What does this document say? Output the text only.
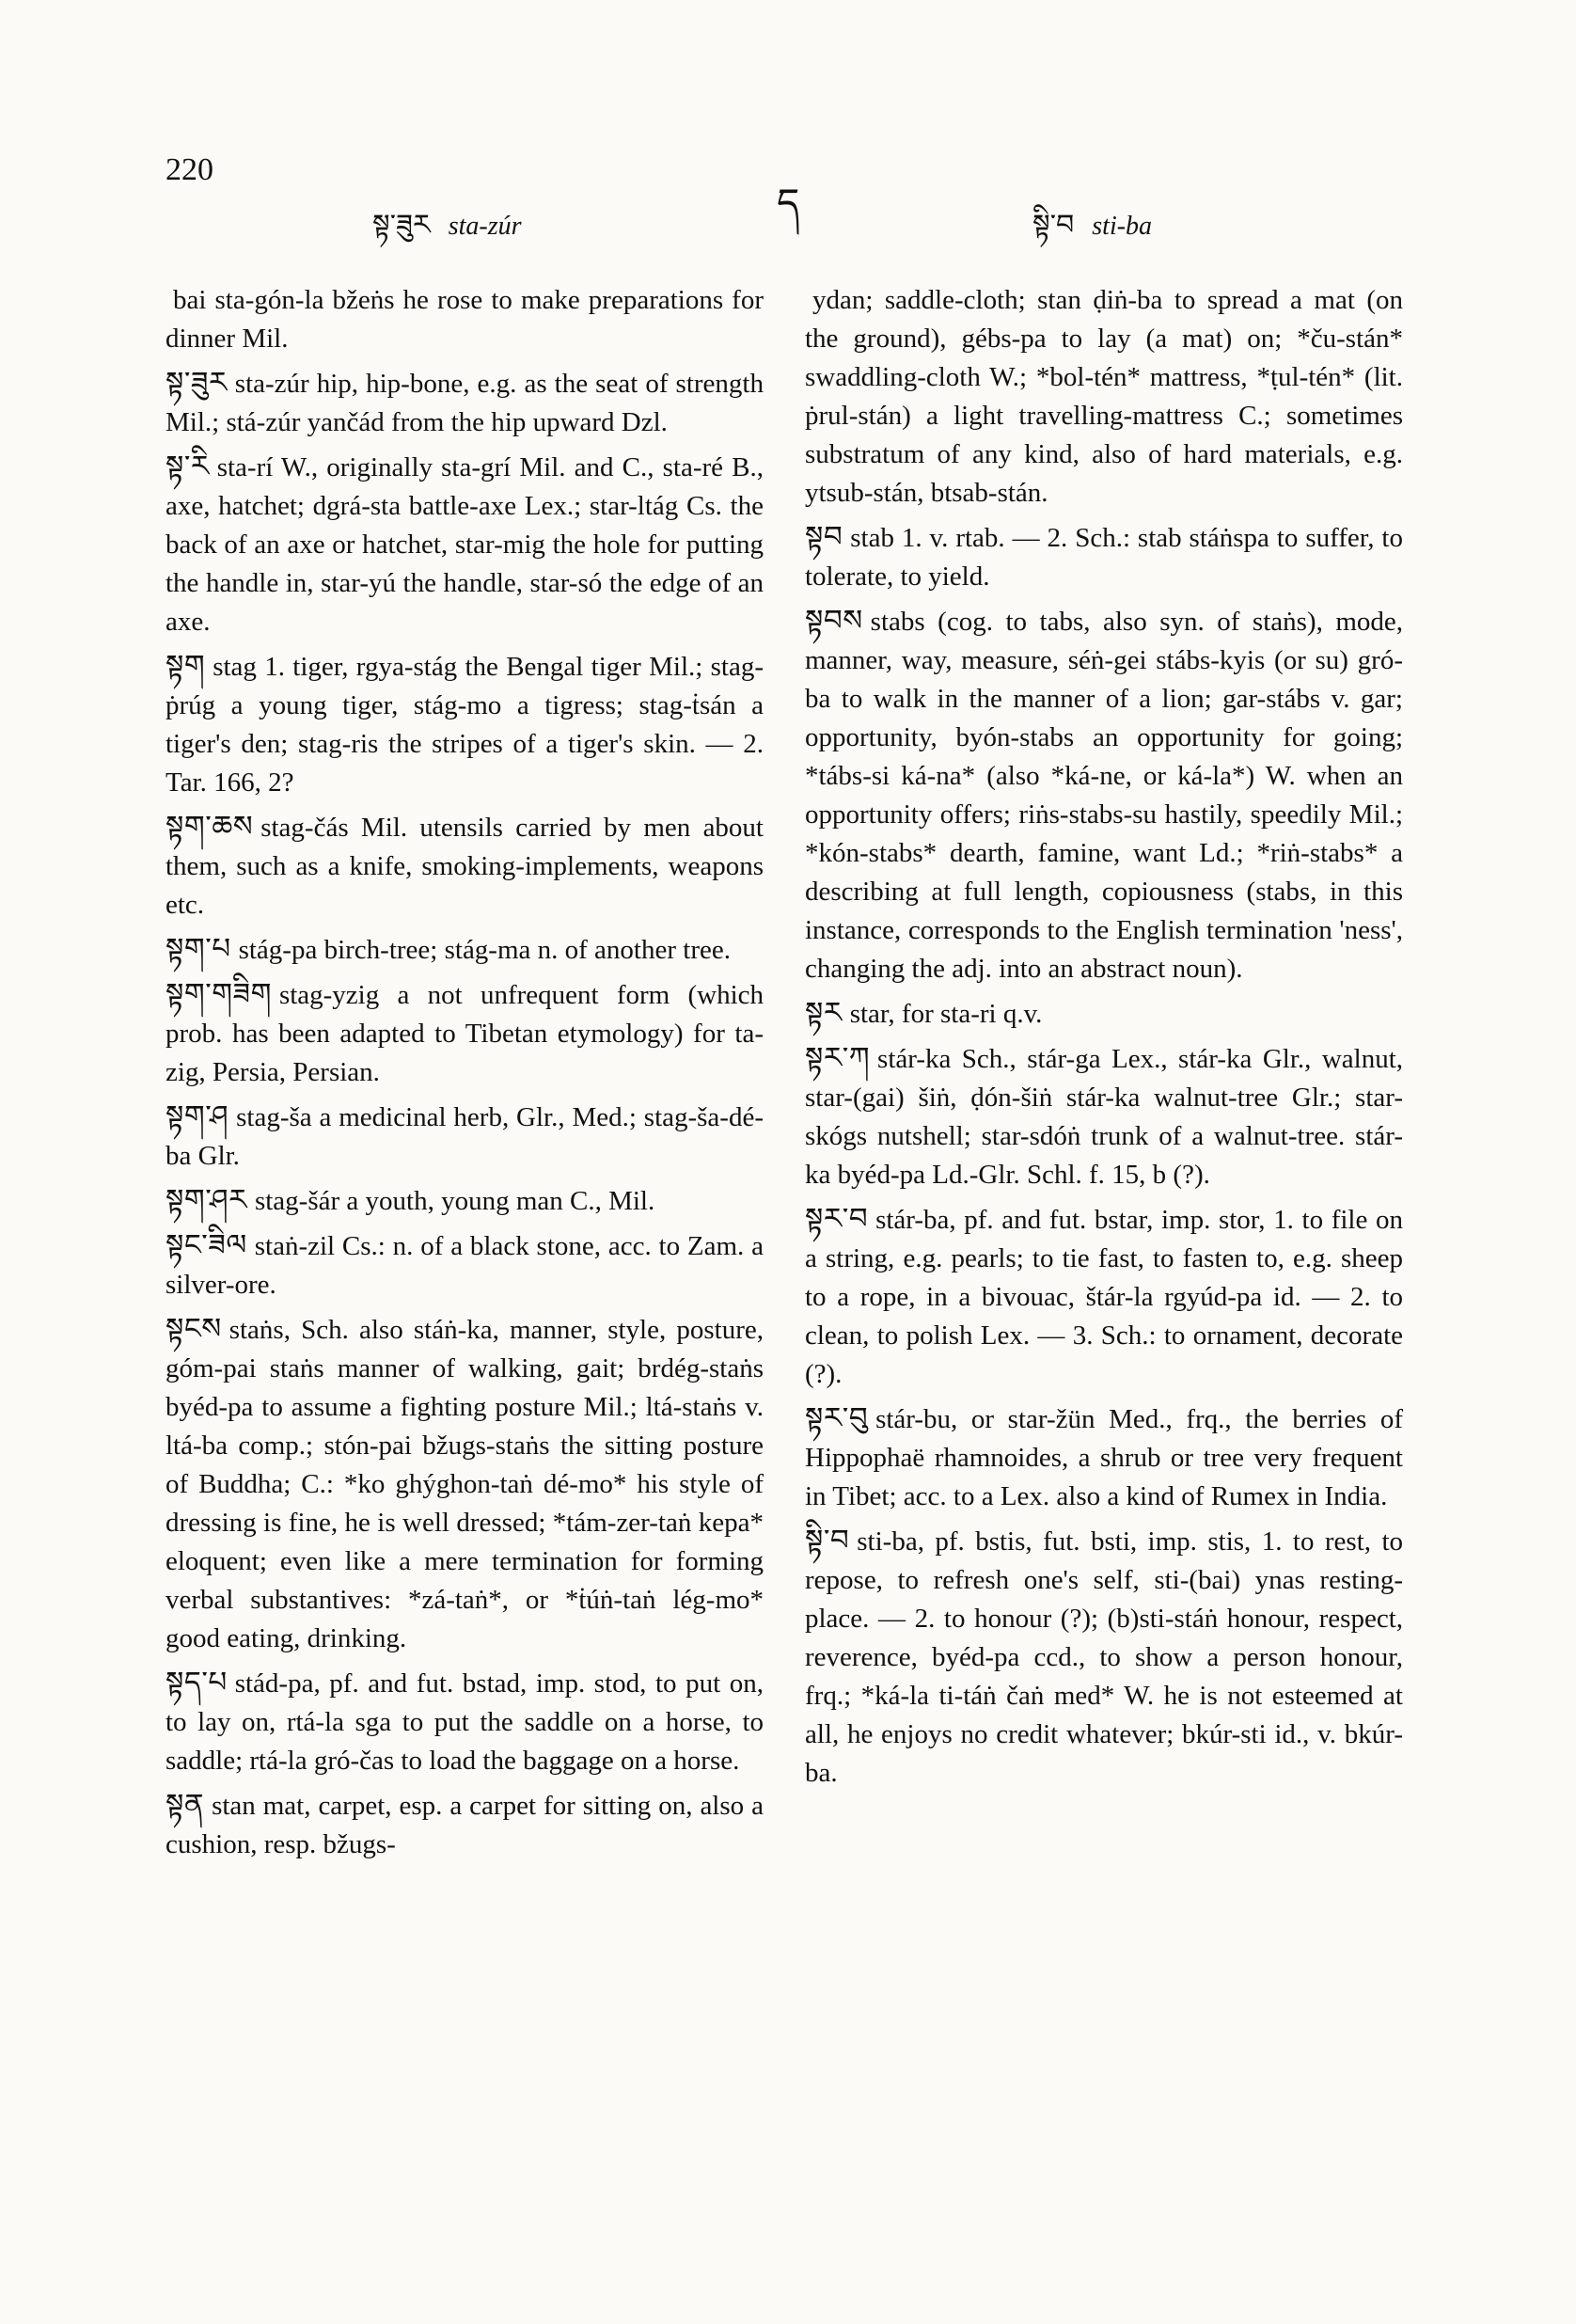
220
སྟ་ཟུར sta-zúr
ད	སྟི་བ sti-ba

bai sta-gón-la bžeṅs he rose to make preparations for dinner Mil.

སྟ་ཟུར sta-zúr hip, hip-bone, e.g. as the seat of strength Mil.; stá-zúr yančád from the hip upward Dzl.

སྟ་རི sta-rí W., originally sta-grí Mil. and C., sta-ré B., axe, hatchet; dgrá-sta battle-axe Lex.; star-ltág Cs. the back of an axe or hatchet, star-mig the hole for putting the handle in, star-yú the handle, star-só the edge of an axe.

སྟག stag 1. tiger, rgya-stág the Bengal tiger Mil.; stag-ṗrúg a young tiger, stág-mo a tigress; stag-ṫsán a tiger's den; stag-ris the stripes of a tiger's skin. — 2. Tar. 166, 2?

སྟག་ཆས stag-čás Mil. utensils carried by men about them, such as a knife, smoking-implements, weapons etc.

སྟག་པ stág-pa birch-tree; stág-ma n. of another tree.

སྟག་གཟིག stag-yzig a not unfrequent form (which prob. has been adapted to Tibetan etymology) for ta-zig, Persia, Persian.

སྟག་ཤ stag-ša a medicinal herb, Glr., Med.; stag-ša-dé-ba Glr.

སྟག་ཤར stag-šár a youth, young man C., Mil.

སྟང་ཟིལ staṅ-zil Cs.: n. of a black stone, acc. to Zam. a silver-ore.

སྟངས staṅs, Sch. also stáṅ-ka, manner, style, posture, góm-pai staṅs manner of walking, gait; brdég-staṅs byéd-pa to assume a fighting posture Mil.; ltá-staṅs v. ltá-ba comp.; stón-pai bžugs-staṅs the sitting posture of Buddha; C.: *ko ghýghon-taṅ dé-mo* his style of dressing is fine, he is well dressed; *tám-zer-taṅ kepa* eloquent; even like a mere termination for forming verbal substantives: *zá-taṅ*, or *ṫúṅ-taṅ lég-mo* good eating, drinking.

སྟད་པ stád-pa, pf. and fut. bstad, imp. stod, to put on, to lay on, rtá-la sga to put the saddle on a horse, to saddle; rtá-la gró-čas to load the baggage on a horse.

སྟན stan mat, carpet, esp. a carpet for sitting on, also a cushion, resp. bžugs-

ydan; saddle-cloth; stan ḍiṅ-ba to spread a mat (on the ground), gébs-pa to lay (a mat) on; *ču-stán* swaddling-cloth W.; *bol-tén* mattress, *ṭul-tén* (lit. ṗrul-stán) a light travelling-mattress C.; sometimes substratum of any kind, also of hard materials, e.g. ytsub-stán, btsab-stán.

སྟབ stab 1. v. rtab. — 2. Sch.: stab stáṅspa to suffer, to tolerate, to yield.

སྟབས stabs (cog. to tabs, also syn. of staṅs), mode, manner, way, measure, séṅ-gei stábs-kyis (or su) gró-ba to walk in the manner of a lion; gar-stábs v. gar; opportunity, byón-stabs an opportunity for going; *tábs-si ká-na* (also *ká-ne, or ká-la*) W. when an opportunity offers; riṅs-stabs-su hastily, speedily Mil.; *kón-stabs* dearth, famine, want Ld.; *riṅ-stabs* a describing at full length, copiousness (stabs, in this instance, corresponds to the English termination 'ness', changing the adj. into an abstract noun).

སྟར star, for sta-ri q.v.

སྟར་ཀ stár-ka Sch., stár-ga Lex., stár-ka Glr., walnut, star-(gai) šiṅ, ḍón-šiṅ stár-ka walnut-tree Glr.; star-skógs nutshell; star-sdóṅ trunk of a walnut-tree. stár-ka byéd-pa Ld.-Glr. Schl. f. 15, b (?).

སྟར་བ stár-ba, pf. and fut. bstar, imp. stor, 1. to file on a string, e.g. pearls; to tie fast, to fasten to, e.g. sheep to a rope, in a bivouac, štár-la rgyúd-pa id. — 2. to clean, to polish Lex. — 3. Sch.: to ornament, decorate (?).

སྟར་བུ stár-bu, or star-žün Med., frq., the berries of Hippophaë rhamnoides, a shrub or tree very frequent in Tibet; acc. to a Lex. also a kind of Rumex in India.

སྟི་བ sti-ba, pf. bstis, fut. bsti, imp. stis, 1. to rest, to repose, to refresh one's self, sti-(bai) ynas resting-place. — 2. to honour (?); (b)sti-stáṅ honour, respect, reverence, byéd-pa ccd., to show a person honour, frq.; *ká-la ti-táṅ čaṅ med* W. he is not esteemed at all, he enjoys no credit whatever; bkúr-sti id., v. bkúr-ba.
